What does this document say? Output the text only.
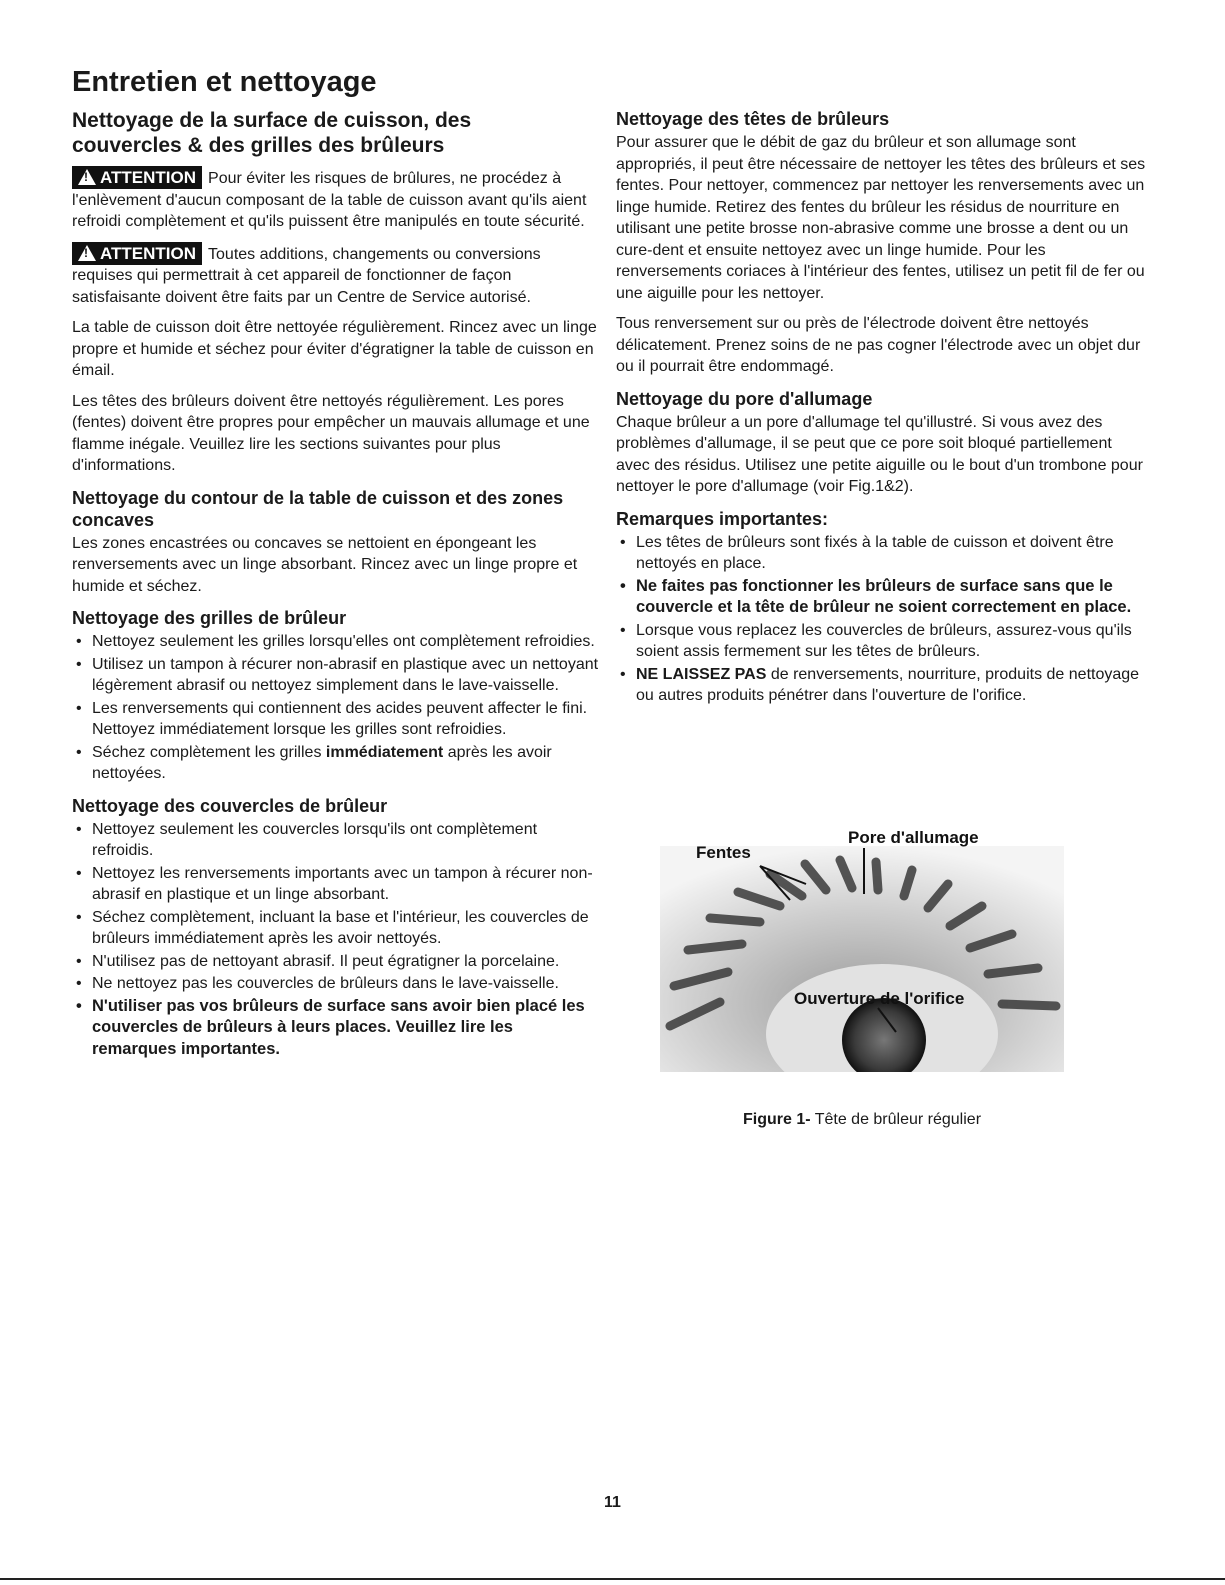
Entretien et nettoyage
Nettoyage de la surface de cuisson, des
couvercles & des grilles des brûleurs

!ATTENTION Pour éviter les risques de brûlures, ne procédez à l'enlèvement d'aucun composant de la table de cuisson avant qu'ils aient refroidi complètement et qu'ils puissent être manipulés en toute sécurité.

!ATTENTION Toutes additions, changements ou conversions requises qui permettrait à cet appareil de fonctionner de façon satisfaisante doivent être faits par un Centre de Service autorisé.

La table de cuisson doit être nettoyée régulièrement. Rincez avec un linge propre et humide et séchez pour éviter d'égratigner la table de cuisson en émail.

Les têtes des brûleurs doivent être nettoyés régulièrement. Les pores (fentes) doivent être propres pour empêcher un mauvais allumage et une flamme inégale. Veuillez lire les sections suivantes pour plus d'informations.

Nettoyage du contour de la table de cuisson et des zones concaves

Les zones encastrées ou concaves se nettoient en épongeant les renversements avec un linge absorbant. Rincez avec un linge propre et humide et séchez.

Nettoyage des grilles de brûleur
• Nettoyez seulement les grilles lorsqu'elles ont complètement refroidies.
• Utilisez un tampon à récurer non-abrasif en plastique avec un nettoyant légèrement abrasif ou nettoyez simplement dans le lave-vaisselle.
• Les renversements qui contiennent des acides peuvent affecter le fini. Nettoyez immédiatement lorsque les grilles sont refroidies.
• Séchez complètement les grilles immédiatement après les avoir nettoyées.
Nettoyage des couvercles de brûleur
• Nettoyez seulement les couvercles lorsqu'ils ont complètement refroidis.
• Nettoyez les renversements importants avec un tampon à récurer non-abrasif en plastique et un linge absorbant.
• Séchez complètement, incluant la base et l'intérieur, les couvercles de brûleurs immédiatement après les avoir nettoyés.
• N'utilisez pas de nettoyant abrasif. Il peut égratigner la porcelaine.
• Ne nettoyez pas les couvercles de brûleurs dans le lave-vaisselle.
• N'utiliser pas vos brûleurs de surface sans avoir bien placé les couvercles de brûleurs à leurs places. Veuillez lire les remarques importantes.
Nettoyage des têtes de brûleurs

Pour assurer que le débit de gaz du brûleur et son allumage sont appropriés, il peut être nécessaire de nettoyer les têtes des brûleurs et ses fentes. Pour nettoyer, commencez par nettoyer les renversements avec un linge humide. Retirez des fentes du brûleur les résidus de nourriture en utilisant une petite brosse non-abrasive comme une brosse a dent ou un cure-dent et ensuite nettoyez avec un linge humide. Pour les renversements coriaces à l'intérieur des fentes, utilisez un petit fil de fer ou une aiguille pour les nettoyer.

Tous renversement sur ou près de l'électrode doivent être nettoyés délicatement. Prenez soins de ne pas cogner l'électrode avec un objet dur ou il pourrait être endommagé.

Nettoyage du pore d'allumage

Chaque brûleur a un pore d'allumage tel qu'illustré. Si vous avez des problèmes d'allumage, il se peut que ce pore soit bloqué partiellement avec des résidus. Utilisez une petite aiguille ou le bout d'un trombone pour nettoyer le pore d'allumage (voir Fig.1&2).

Remarques importantes:
• Les têtes de brûleurs sont fixés à la table de cuisson et doivent être nettoyés en place.
• Ne faites pas fonctionner les brûleurs de surface sans que le couvercle et la tête de brûleur ne soient correctement en place.
• Lorsque vous replacez les couvercles de brûleurs, assurez-vous qu'ils soient assis fermement sur les têtes de brûleurs.
• NE LAISSEZ PAS de renversements, nourriture, produits de nettoyage ou autres produits pénétrer dans l'ouverture de l'orifice.
Fentes
Pore d'allumage
Ouverture de l'orifice
Figure 1- Tête de brûleur régulier
11
